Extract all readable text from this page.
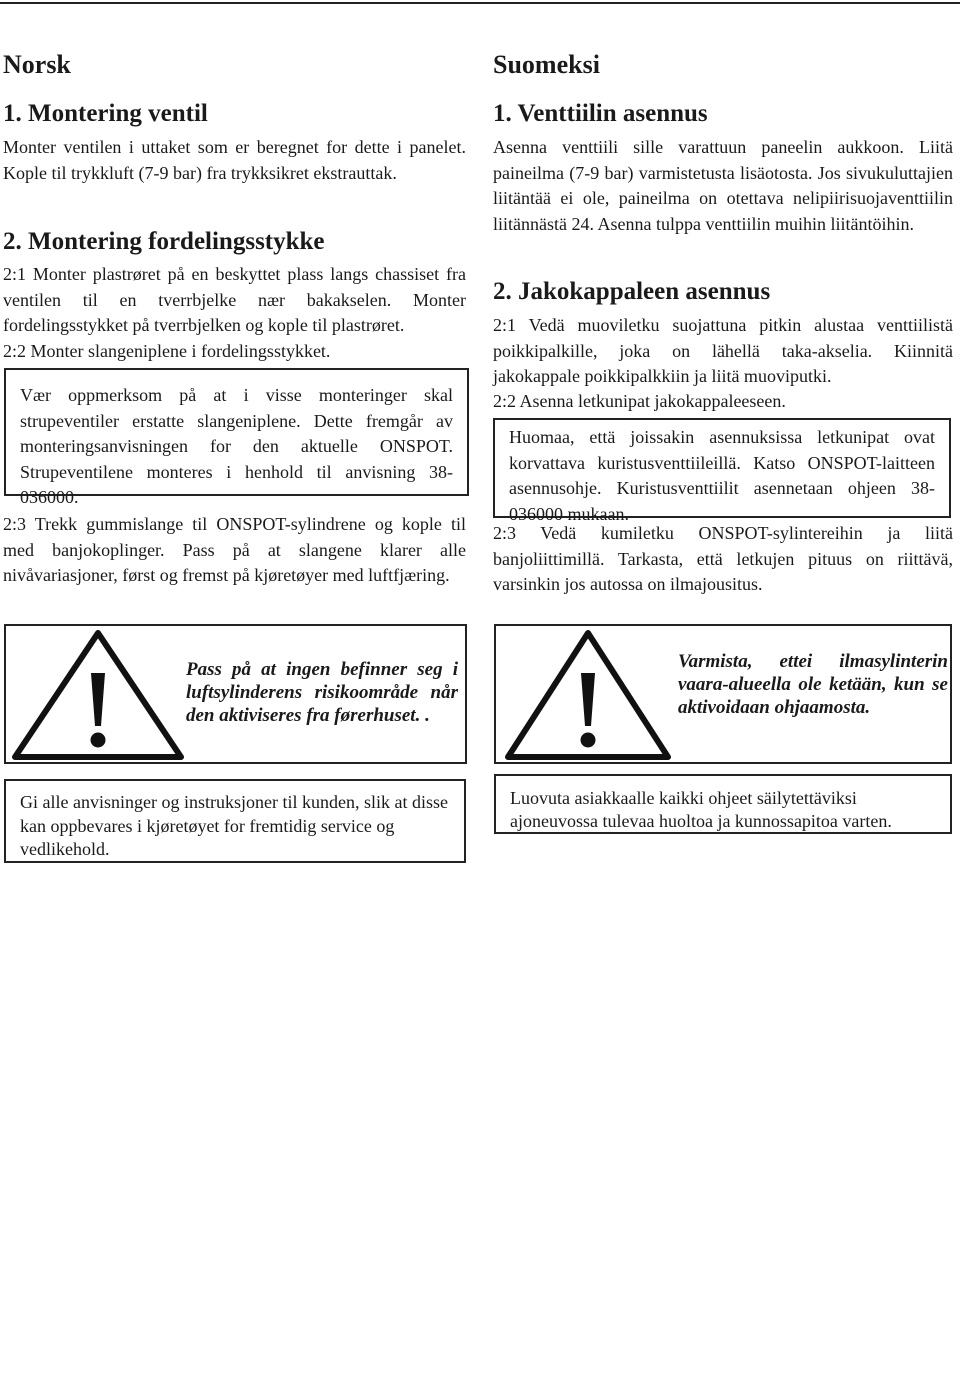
Norsk
1. Montering ventil

Monter ventilen i uttaket som er beregnet for dette i panelet. Kople til trykkluft (7-9 bar) fra trykksikret ekstrauttak.

2. Montering fordelingsstykke

2:1 Monter plastrøret på en beskyttet plass langs chassiset fra ventilen til en tverrbjelke nær bakakselen. Monter fordelingsstykket på tverrbjelken og kople til plastrøret.

2:2 Monter slangeniplene i fordelingsstykket.

Vær oppmerksom på at i visse monteringer skal strupeventiler erstatte slangeniplene. Dette fremgår av monteringsanvisningen for den aktuelle ONSPOT. Strupeventilene monteres i henhold til anvisning 38-036000.

2:3 Trekk gummislange til ONSPOT-sylindrene og kople til med banjokoplinger. Pass på at slangene klarer alle nivåvariasjoner, først og fremst på kjøretøyer med luftfjæring.

Suomeksi
1. Venttiilin asennus

Asenna venttiili sille varattuun paneelin aukkoon. Liitä paineilma (7-9 bar) varmistetusta lisäotosta. Jos sivukuluttajien liitäntää ei ole, paineilma on otettava nelipiirisuojaventtiilin liitännästä 24. Asenna tulppa venttiilin muihin liitäntöihin.

2. Jakokappaleen asennus

2:1 Vedä muoviletku suojattuna pitkin alustaa venttiilistä poikkipalkille, joka on lähellä taka-akselia. Kiinnitä jakokappale poikkipalkkiin ja liitä muoviputki.

2:2 Asenna letkunipat jakokappaleeseen.

Huomaa, että joissakin asennuksissa letkunipat ovat korvattava kuristusventtiileillä. Katso ONSPOT-laitteen asennusohje. Kuristusventtiilit asennetaan ohjeen 38-036000 mukaan.

2:3 Vedä kumiletku ONSPOT-sylintereihin ja liitä banjoliittimillä. Tarkasta, että letkujen pituus on riittävä, varsinkin jos autossa on ilmajousitus.

Pass på at ingen befinner seg i luftsylinderens risikoområde når den aktiviseres fra førerhuset. .

Varmista, ettei ilmasylinterin vaara-alueella ole ketään, kun se aktivoidaan ohjaamosta.

Gi alle anvisninger og instruksjoner til kunden, slik at disse kan oppbevares i kjøretøyet for fremtidig service og vedlikehold.

Luovuta asiakkaalle kaikki ohjeet säilytettäviksi ajoneuvossa tulevaa huoltoa ja kunnossapitoa varten.
